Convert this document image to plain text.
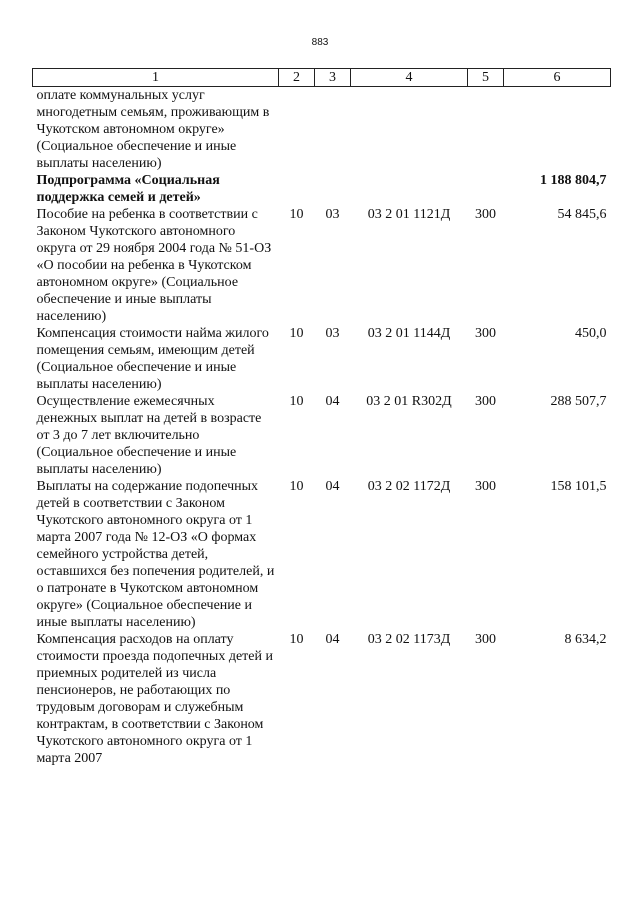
883
1	2	3	4	5	6
оплате коммунальных услуг многодетным семьям, проживающим в Чукотском автономном округе» (Социальное обеспечение и иные выплаты населению)					
Подпрограмма «Социальная поддержка семей и детей»					1 188 804,7
Пособие на ребенка в соответствии с Законом Чукотского автономного округа от 29 ноября 2004 года № 51-ОЗ «О пособии на ребенка в Чукотском автономном округе» (Социальное обеспечение и иные выплаты населению)	10	03	03 2 01 1121Д	300	54 845,6
Компенсация стоимости найма жилого помещения семьям, имеющим детей (Социальное обеспечение и иные выплаты населению)	10	03	03 2 01 1144Д	300	450,0
Осуществление ежемесячных денежных выплат на детей в возрасте от 3 до 7 лет включительно (Социальное обеспечение и иные выплаты населению)	10	04	03 2 01 R302Д	300	288 507,7
Выплаты на содержание подопечных детей в соответствии с Законом Чукотского автономного округа от 1 марта 2007 года № 12-ОЗ «О формах семейного устройства детей, оставшихся без попечения родителей, и о патронате в Чукотском автономном округе» (Социальное обеспечение и иные выплаты населению)	10	04	03 2 02 1172Д	300	158 101,5
Компенсация расходов на оплату стоимости проезда подопечных детей и приемных родителей из числа пенсионеров, не работающих по трудовым договорам и служебным контрактам, в соответствии с Законом Чукотского автономного округа от 1 марта 2007	10	04	03 2 02 1173Д	300	8 634,2
